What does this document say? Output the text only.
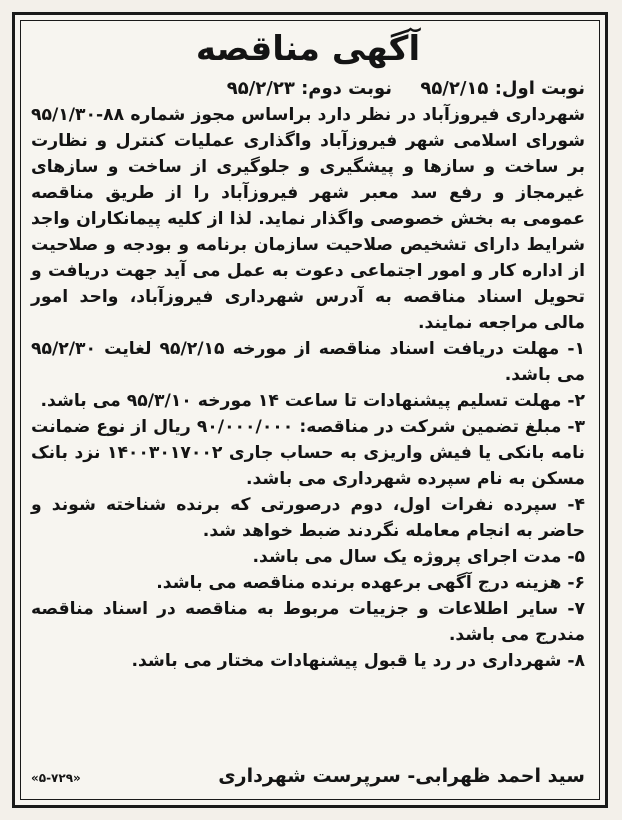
آگهی مناقصه
نوبت اول: ۹۵/۲/۱۵ نوبت دوم: ۹۵/۲/۲۳

شهرداری فیروزآباد در نظر دارد براساس مجوز شماره ۸۸-۹۵/۱/۳۰ شورای اسلامی شهر فیروزآباد واگذاری عملیات کنترل و نظارت بر ساخت و سازها و پیشگیری و جلوگیری از ساخت و سازهای غیرمجاز و رفع سد معبر شهر فیروزآباد را از طریق مناقصه عمومی به بخش خصوصی واگذار نماید. لذا از کلیه پیمانکاران واجد شرایط دارای تشخیص صلاحیت سازمان برنامه و بودجه و صلاحیت از اداره کار و امور اجتماعی دعوت به عمل می آید جهت دریافت و تحویل اسناد مناقصه به آدرس شهرداری فیروزآباد، واحد امور مالی مراجعه نمایند.

۱- مهلت دریافت اسناد مناقصه از مورخه ۹۵/۲/۱۵ لغایت ۹۵/۲/۳۰ می باشد.

۲- مهلت تسلیم پیشنهادات تا ساعت ۱۴ مورخه ۹۵/۳/۱۰ می باشد.

۳- مبلغ تضمین شرکت در مناقصه: ۹۰/۰۰۰/۰۰۰ ریال از نوع ضمانت نامه بانکی یا فیش واریزی به حساب جاری ۱۴۰۰۳۰۱۷۰۰۲ نزد بانک مسکن به نام سپرده شهرداری می باشد.

۴- سپرده نفرات اول، دوم درصورتی که برنده شناخته شوند و حاضر به انجام معامله نگردند ضبط خواهد شد.

۵- مدت اجرای پروژه یک سال می باشد.

۶- هزینه درج آگهی برعهده برنده مناقصه می باشد.

۷- سایر اطلاعات و جزییات مربوط به مناقصه در اسناد مناقصه مندرج می باشد.

۸- شهرداری در رد یا قبول پیشنهادات مختار می باشد.

سید احمد ظهرابی- سرپرست شهرداری
«۵-۷۲۹»
